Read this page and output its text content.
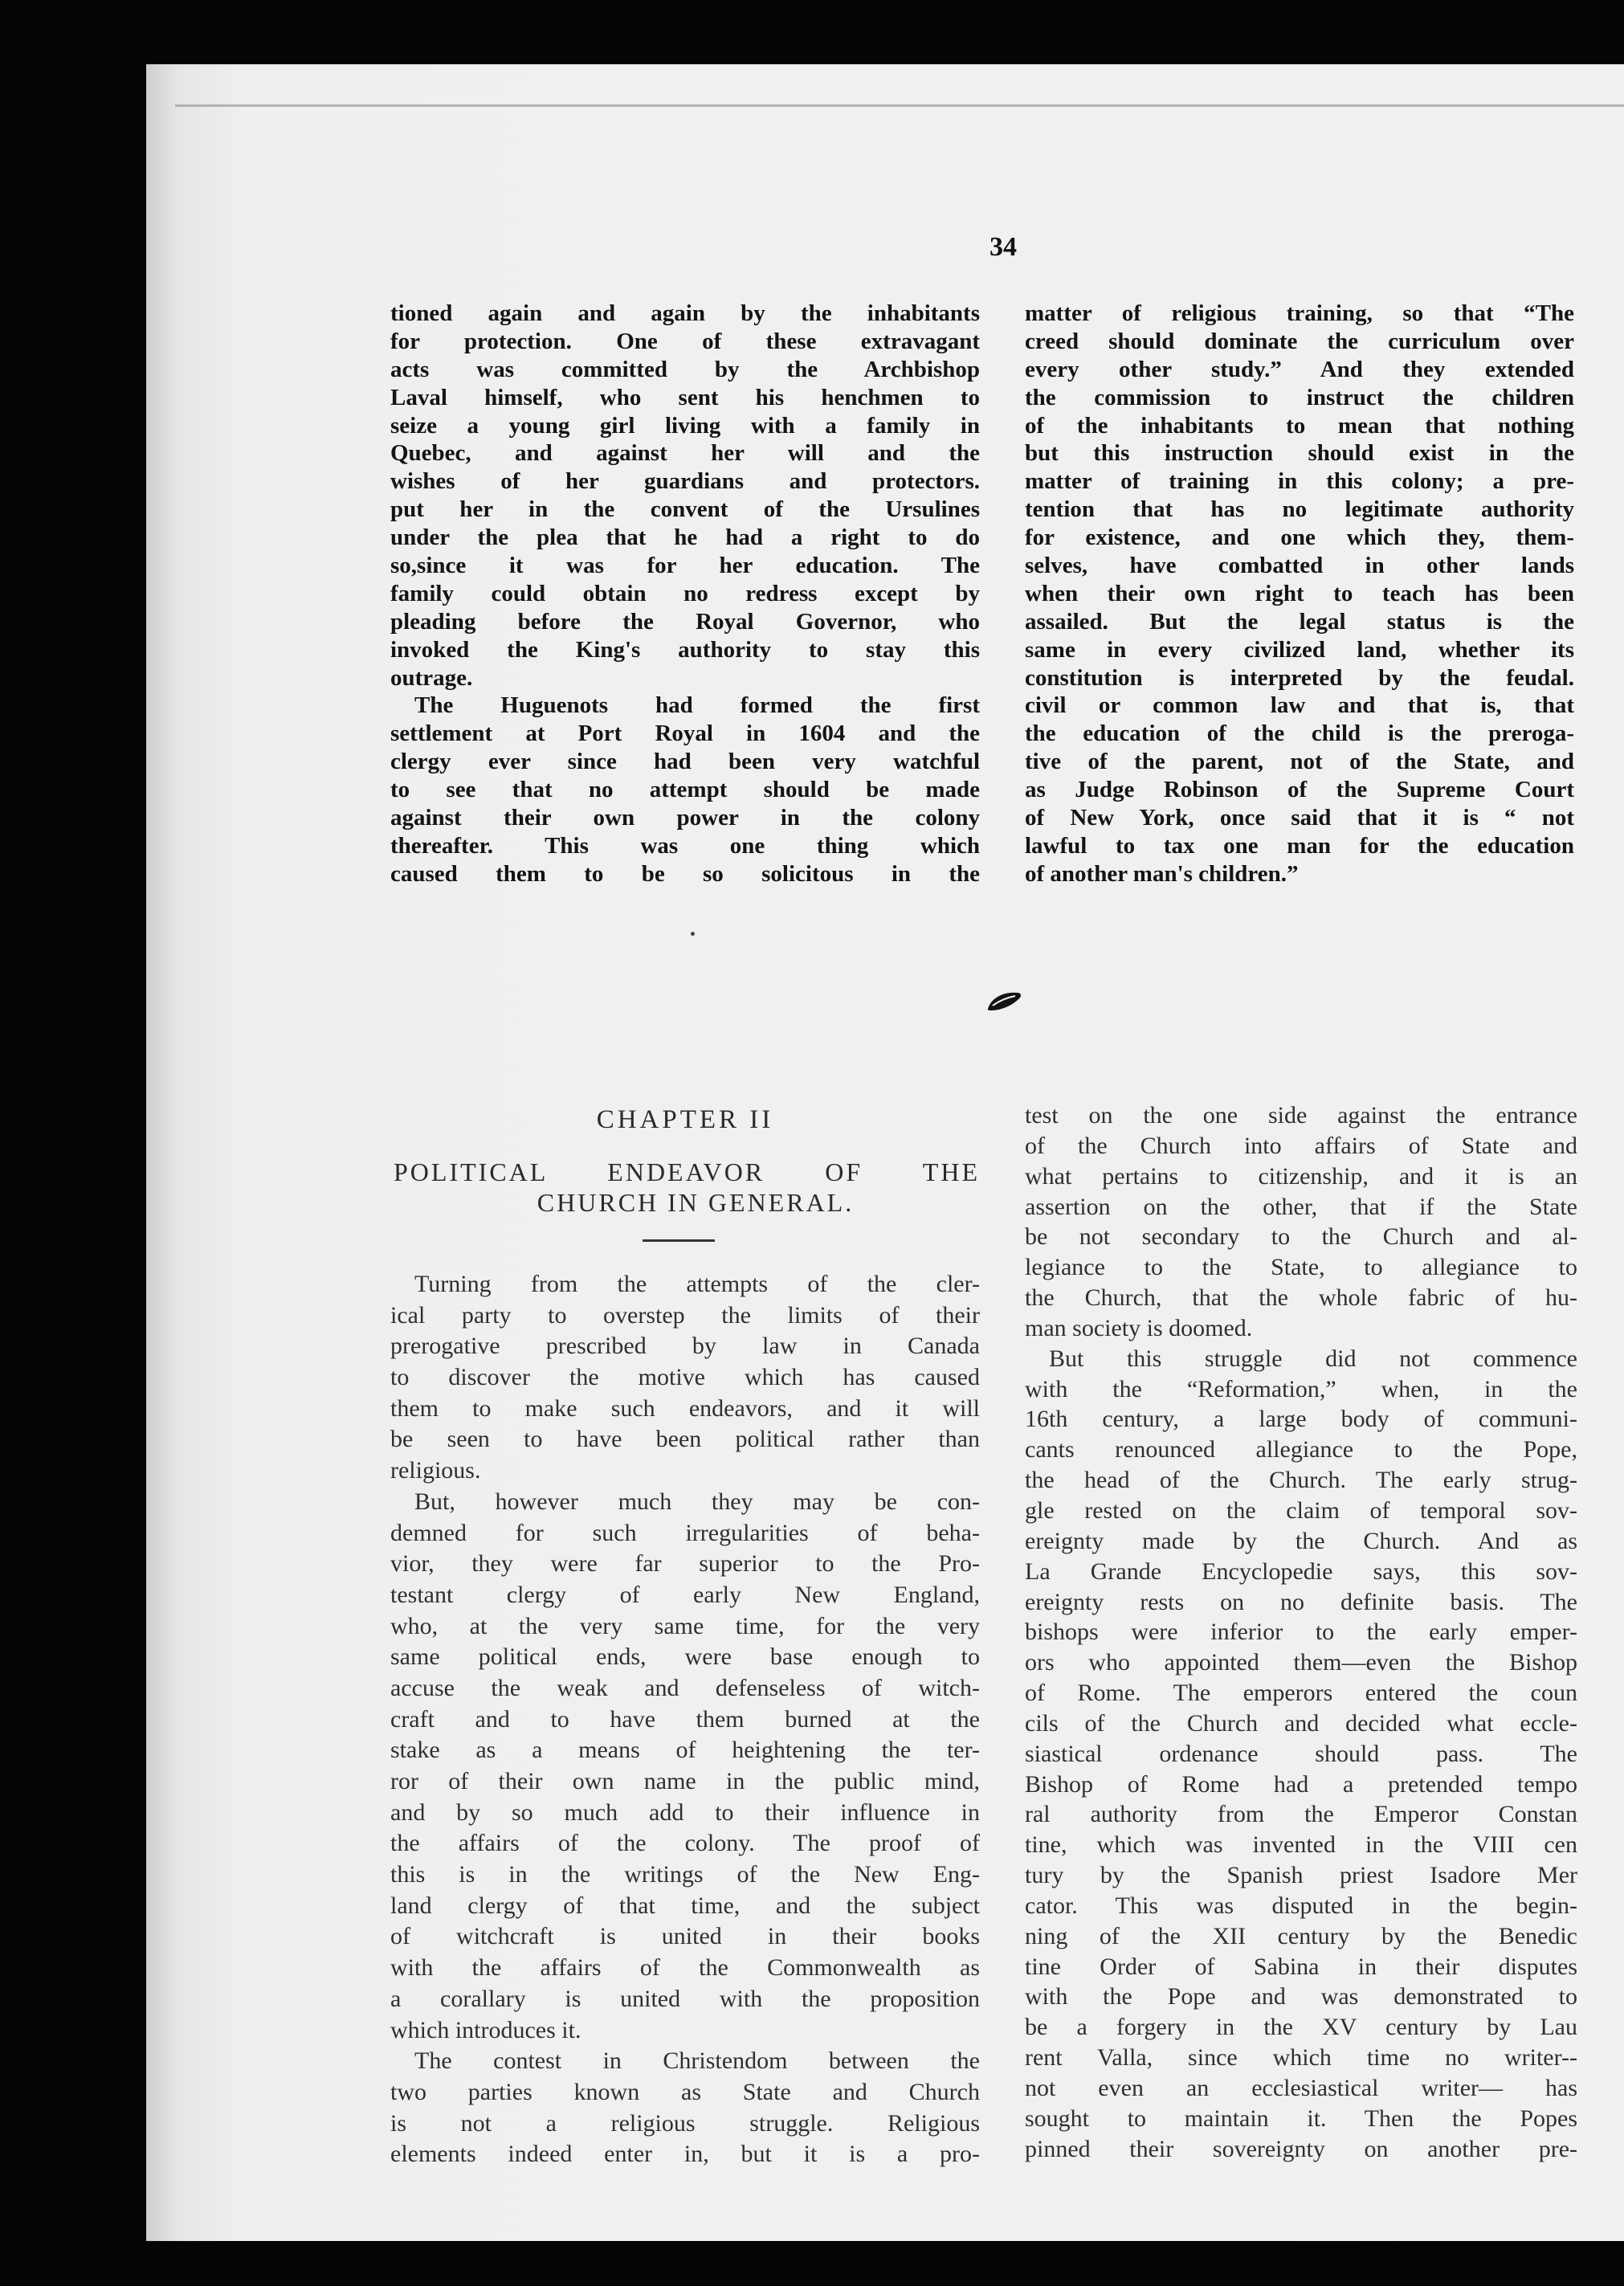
34
tioned again and again by the inhabitants
for protection. One of these extravagant
acts was committed by the Archbishop
Laval himself, who sent his henchmen to
seize a young girl living with a family in
Quebec, and against her will and the
wishes of her guardians and protectors.
put her in the convent of the Ursulines
under the plea that he had a right to do
so,since it was for her education. The
family could obtain no redress except by
pleading before the Royal Governor, who
invoked the King's authority to stay this
outrage.
The Huguenots had formed the first
settlement at Port Royal in 1604 and the
clergy ever since had been very watchful
to see that no attempt should be made
against their own power in the colony
thereafter. This was one thing which
caused them to be so solicitous in the
matter of religious training, so that “The
creed should dominate the curriculum over
every other study.” And they extended
the commission to instruct the children
of the inhabitants to mean that nothing
but this instruction should exist in the
matter of training in this colony; a pre-
tention that has no legitimate authority
for existence, and one which they, them-
selves, have combatted in other lands
when their own right to teach has been
assailed. But the legal status is the
same in every civilized land, whether its
constitution is interpreted by the feudal.
civil or common law and that is, that
the education of the child is the preroga-
tive of the parent, not of the State, and
as Judge Robinson of the Supreme Court
of New York, once said that it is “ not
lawful to tax one man for the education
of another man's children.”
CHAPTER II
POLITICAL ENDEAVOR OF THE
CHURCH IN GENERAL.
Turning from the attempts of the cler-
ical party to overstep the limits of their
prerogative prescribed by law in Canada
to discover the motive which has caused
them to make such endeavors, and it will
be seen to have been political rather than
religious.
But, however much they may be con-
demned for such irregularities of beha-
vior, they were far superior to the Pro-
testant clergy of early New England,
who, at the very same time, for the very
same political ends, were base enough to
accuse the weak and defenseless of witch-
craft and to have them burned at the
stake as a means of heightening the ter-
ror of their own name in the public mind,
and by so much add to their influence in
the affairs of the colony. The proof of
this is in the writings of the New Eng-
land clergy of that time, and the subject
of witchcraft is united in their books
with the affairs of the Commonwealth as
a corallary is united with the proposition
which introduces it.
The contest in Christendom between the
two parties known as State and Church
is not a religious struggle. Religious
elements indeed enter in, but it is a pro-
test on the one side against the entrance
of the Church into affairs of State and
what pertains to citizenship, and it is an
assertion on the other, that if the State
be not secondary to the Church and al-
legiance to the State, to allegiance to
the Church, that the whole fabric of hu-
man society is doomed.
But this struggle did not commence
with the “Reformation,” when, in the
16th century, a large body of communi-
cants renounced allegiance to the Pope,
the head of the Church. The early strug-
gle rested on the claim of temporal sov-
ereignty made by the Church. And as
La Grande Encyclopedie says, this sov-
ereignty rests on no definite basis. The
bishops were inferior to the early emper-
ors who appointed them—even the Bishop
of Rome. The emperors entered the coun
cils of the Church and decided what eccle-
siastical ordenance should pass. The
Bishop of Rome had a pretended tempo
ral authority from the Emperor Constan
tine, which was invented in the VIII cen
tury by the Spanish priest Isadore Mer
cator. This was disputed in the begin-
ning of the XII century by the Benedic
tine Order of Sabina in their disputes
with the Pope and was demonstrated to
be a forgery in the XV century by Lau
rent Valla, since which time no writer--
not even an ecclesiastical writer— has
sought to maintain it. Then the Popes
pinned their sovereignty on another pre-
